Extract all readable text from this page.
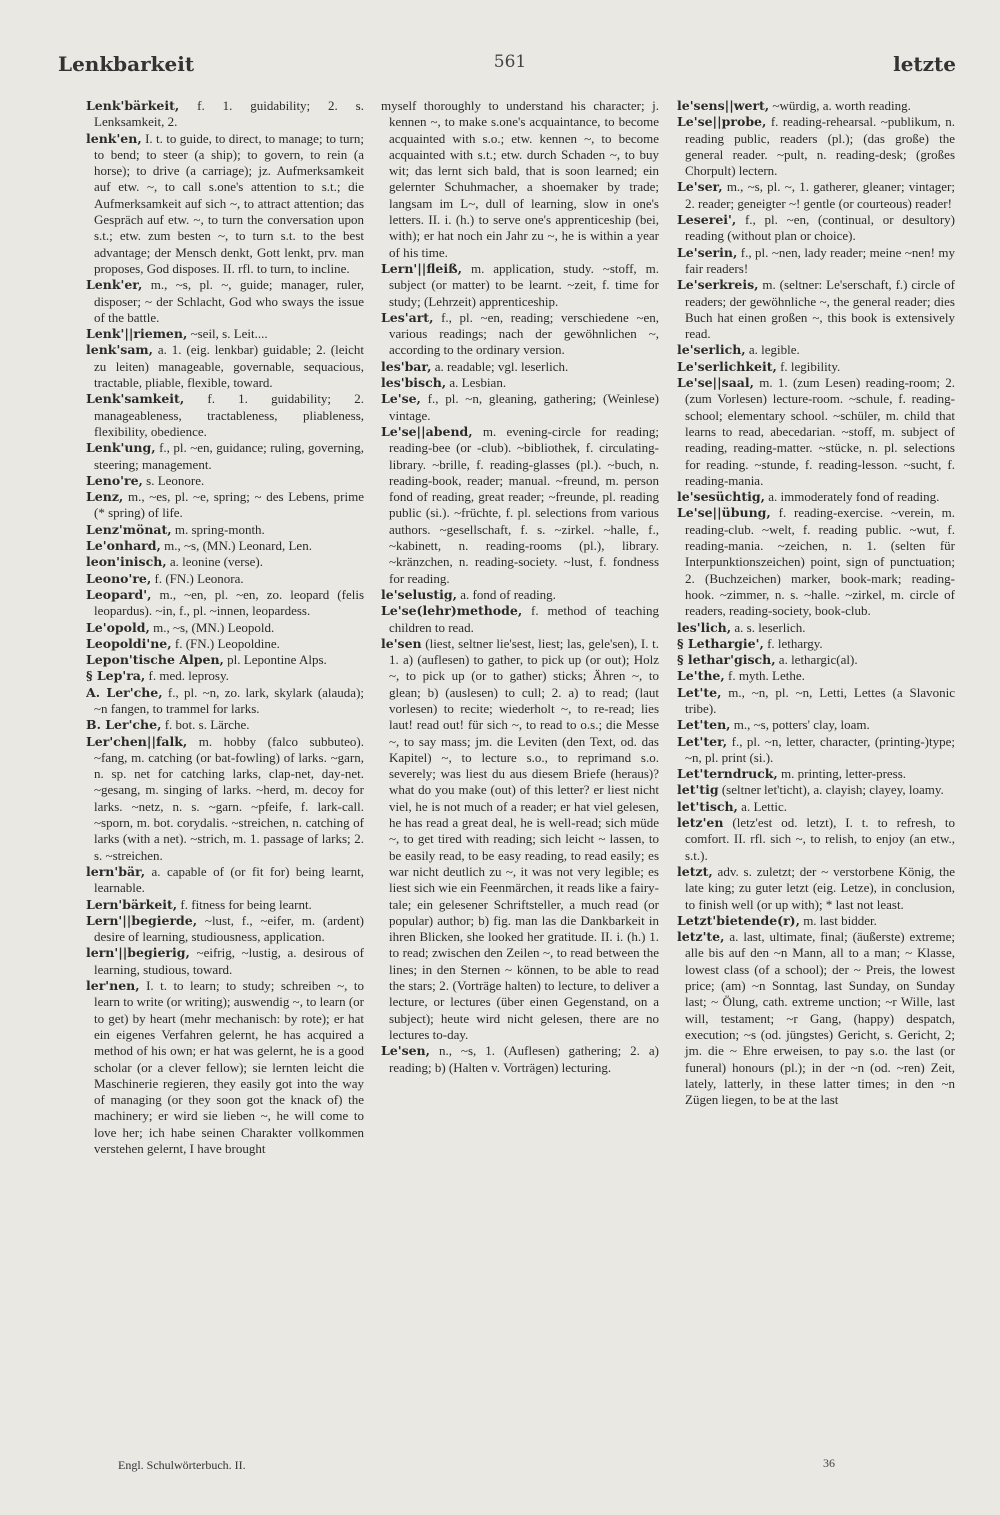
Lenkbarkeit	561	letzte

Lenk'bärkeit, f. 1. guidability; 2. s. Lenksamkeit, 2.

lenk'en, I. t. to guide, to direct, to manage; to turn; to bend; to steer (a ship); to govern, to rein (a horse); to drive (a carriage); jz. Aufmerksamkeit auf etw. ~, to call s.one's attention to s.t.; die Aufmerksamkeit auf sich ~, to attract attention; das Gespräch auf etw. ~, to turn the conversation upon s.t.; etw. zum besten ~, to turn s.t. to the best advantage; der Mensch denkt, Gott lenkt, prv. man proposes, God disposes. II. rfl. to turn, to incline.

Lenk'er, m., ~s, pl. ~, guide; manager, ruler, disposer; ~ der Schlacht, God who sways the issue of the battle.

Lenk'||riemen, ~seil, s. Leit....

lenk'sam, a. 1. (eig. lenkbar) guidable; 2. (leicht zu leiten) manageable, governable, sequacious, tractable, pliable, flexible, toward.

Lenk'samkeit, f. 1. guidability; 2. manageableness, tractableness, pliableness, flexibility, obedience.

Lenk'ung, f., pl. ~en, guidance; ruling, governing, steering; management.

Leno're, s. Leonore.

Lenz, m., ~es, pl. ~e, spring; ~ des Lebens, prime (* spring) of life.

Lenz'mönat, m. spring-month.

Le'onhard, m., ~s, (MN.) Leonard, Len.

leon'inisch, a. leonine (verse).

Leono're, f. (FN.) Leonora.

Leopard', m., ~en, pl. ~en, zo. leopard (felis leopardus). ~in, f., pl. ~innen, leopardess.

Le'opold, m., ~s, (MN.) Leopold.

Leopoldi'ne, f. (FN.) Leopoldine.

Lepon'tische Alpen, pl. Lepontine Alps.

§ Lep'ra, f. med. leprosy.

A. Ler'che, f., pl. ~n, zo. lark, skylark (alauda); ~n fangen, to trammel for larks.

B. Ler'che, f. bot. s. Lärche.

Ler'chen||falk, m. hobby (falco subbuteo). ~fang, m. catching (or bat-fowling) of larks. ~garn, n. sp. net for catching larks, clap-net, day-net. ~gesang, m. singing of larks. ~herd, m. decoy for larks. ~netz, n. s. ~garn. ~pfeife, f. lark-call. ~sporn, m. bot. corydalis. ~streichen, n. catching of larks (with a net). ~strich, m. 1. passage of larks; 2. s. ~streichen.

lern'bär, a. capable of (or fit for) being learnt, learnable.

Lern'bärkeit, f. fitness for being learnt.

Lern'||begierde, ~lust, f., ~eifer, m. (ardent) desire of learning, studiousness, application.

lern'||begierig, ~eifrig, ~lustig, a. desirous of learning, studious, toward.

ler'nen, I. t. to learn; to study; schreiben ~, to learn to write (or writing); auswendig ~, to learn (or to get) by heart (mehr mechanisch: by rote); er hat ein eigenes Verfahren gelernt, he has acquired a method of his own; er hat was gelernt, he is a good scholar (or a clever fellow); sie lernten leicht die Maschinerie regieren, they easily got into the way of managing (or they soon got the knack of) the machinery; er wird sie lieben ~, he will come to love her; ich habe seinen Charakter vollkommen verstehen gelernt, I have brought

myself thoroughly to understand his character; j. kennen ~, to make s.one's acquaintance, to become acquainted with s.o.; etw. kennen ~, to become acquainted with s.t.; etw. durch Schaden ~, to buy wit; das lernt sich bald, that is soon learned; ein gelernter Schuhmacher, a shoemaker by trade; langsam im L~, dull of learning, slow in one's letters. II. i. (h.) to serve one's apprenticeship (bei, with); er hat noch ein Jahr zu ~, he is within a year of his time.

Lern'||fleiß, m. application, study. ~stoff, m. subject (or matter) to be learnt. ~zeit, f. time for study; (Lehrzeit) apprenticeship.

Les'art, f., pl. ~en, reading; verschiedene ~en, various readings; nach der gewöhnlichen ~, according to the ordinary version.

les'bar, a. readable; vgl. leserlich.

les'bisch, a. Lesbian.

Le'se, f., pl. ~n, gleaning, gathering; (Weinlese) vintage.

Le'se||abend, m. evening-circle for reading; reading-bee (or -club). ~bibliothek, f. circulating-library. ~brille, f. reading-glasses (pl.). ~buch, n. reading-book, reader; manual. ~freund, m. person fond of reading, great reader; ~freunde, pl. reading public (si.). ~früchte, f. pl. selections from various authors. ~gesellschaft, f. s. ~zirkel. ~halle, f., ~kabinett, n. reading-rooms (pl.), library. ~kränzchen, n. reading-society. ~lust, f. fondness for reading.

le'selustig, a. fond of reading.

Le'se(lehr)methode, f. method of teaching children to read.

le'sen (liest, seltner lie'sest, liest; las, gele'sen), I. t. 1. a) (auflesen) to gather, to pick up (or out); Holz ~, to pick up (or to gather) sticks; Ähren ~, to glean; b) (auslesen) to cull; 2. a) to read; (laut vorlesen) to recite; wiederholt ~, to re-read; lies laut! read out! für sich ~, to read to o.s.; die Messe ~, to say mass; jm. die Leviten (den Text, od. das Kapitel) ~, to lecture s.o., to reprimand s.o. severely; was liest du aus diesem Briefe (heraus)? what do you make (out) of this letter? er liest nicht viel, he is not much of a reader; er hat viel gelesen, he has read a great deal, he is well-read; sich müde ~, to get tired with reading; sich leicht ~ lassen, to be easily read, to be easy reading, to read easily; es war nicht deutlich zu ~, it was not very legible; es liest sich wie ein Feenmärchen, it reads like a fairy-tale; ein gelesener Schriftsteller, a much read (or popular) author; b) fig. man las die Dankbarkeit in ihren Blicken, she looked her gratitude. II. i. (h.) 1. to read; zwischen den Zeilen ~, to read between the lines; in den Sternen ~ können, to be able to read the stars; 2. (Vorträge halten) to lecture, to deliver a lecture, or lectures (über einen Gegenstand, on a subject); heute wird nicht gelesen, there are no lectures to-day.

Le'sen, n., ~s, 1. (Auflesen) gathering; 2. a) reading; b) (Halten v. Vorträgen) lecturing.

le'sens||wert, ~würdig, a. worth reading.

Le'se||probe, f. reading-rehearsal. ~publikum, n. reading public, readers (pl.); (das große) the general reader. ~pult, n. reading-desk; (großes Chorpult) lectern.

Le'ser, m., ~s, pl. ~, 1. gatherer, gleaner; vintager; 2. reader; geneigter ~! gentle (or courteous) reader!

Leserei', f., pl. ~en, (continual, or desultory) reading (without plan or choice).

Le'serin, f., pl. ~nen, lady reader; meine ~nen! my fair readers!

Le'serkreis, m. (seltner: Le'serschaft, f.) circle of readers; der gewöhnliche ~, the general reader; dies Buch hat einen großen ~, this book is extensively read.

le'serlich, a. legible.

Le'serlichkeit, f. legibility.

Le'se||saal, m. 1. (zum Lesen) reading-room; 2. (zum Vorlesen) lecture-room. ~schule, f. reading-school; elementary school. ~schüler, m. child that learns to read, abecedarian. ~stoff, m. subject of reading, reading-matter. ~stücke, n. pl. selections for reading. ~stunde, f. reading-lesson. ~sucht, f. reading-mania.

le'sesüchtig, a. immoderately fond of reading.

Le'se||übung, f. reading-exercise. ~verein, m. reading-club. ~welt, f. reading public. ~wut, f. reading-mania. ~zeichen, n. 1. (selten für Interpunktionszeichen) point, sign of punctuation; 2. (Buchzeichen) marker, book-mark; reading-hook. ~zimmer, n. s. ~halle. ~zirkel, m. circle of readers, reading-society, book-club.

les'lich, a. s. leserlich.

§ Lethargie', f. lethargy.

§ lethar'gisch, a. lethargic(al).

Le'the, f. myth. Lethe.

Let'te, m., ~n, pl. ~n, Letti, Lettes (a Slavonic tribe).

Let'ten, m., ~s, potters' clay, loam.

Let'ter, f., pl. ~n, letter, character, (printing-)type; ~n, pl. print (si.).

Let'terndruck, m. printing, letter-press.

let'tig (seltner let'ticht), a. clayish; clayey, loamy.

let'tisch, a. Lettic.

letz'en (letz'est od. letzt), I. t. to refresh, to comfort. II. rfl. sich ~, to relish, to enjoy (an etw., s.t.).

letzt, adv. s. zuletzt; der ~ verstorbene König, the late king; zu guter letzt (eig. Letze), in conclusion, to finish well (or up with); * last not least.

Letzt'bietende(r), m. last bidder.

letz'te, a. last, ultimate, final; (äußerste) extreme; alle bis auf den ~n Mann, all to a man; ~ Klasse, lowest class (of a school); der ~ Preis, the lowest price; (am) ~n Sonntag, last Sunday, on Sunday last; ~ Ölung, cath. extreme unction; ~r Wille, last will, testament; ~r Gang, (happy) despatch, execution; ~s (od. jüngstes) Gericht, s. Gericht, 2; jm. die ~ Ehre erweisen, to pay s.o. the last (or funeral) honours (pl.); in der ~n (od. ~ren) Zeit, lately, latterly, in these latter times; in den ~n Zügen liegen, to be at the last

Engl. Schulwörterbuch. II.	36
